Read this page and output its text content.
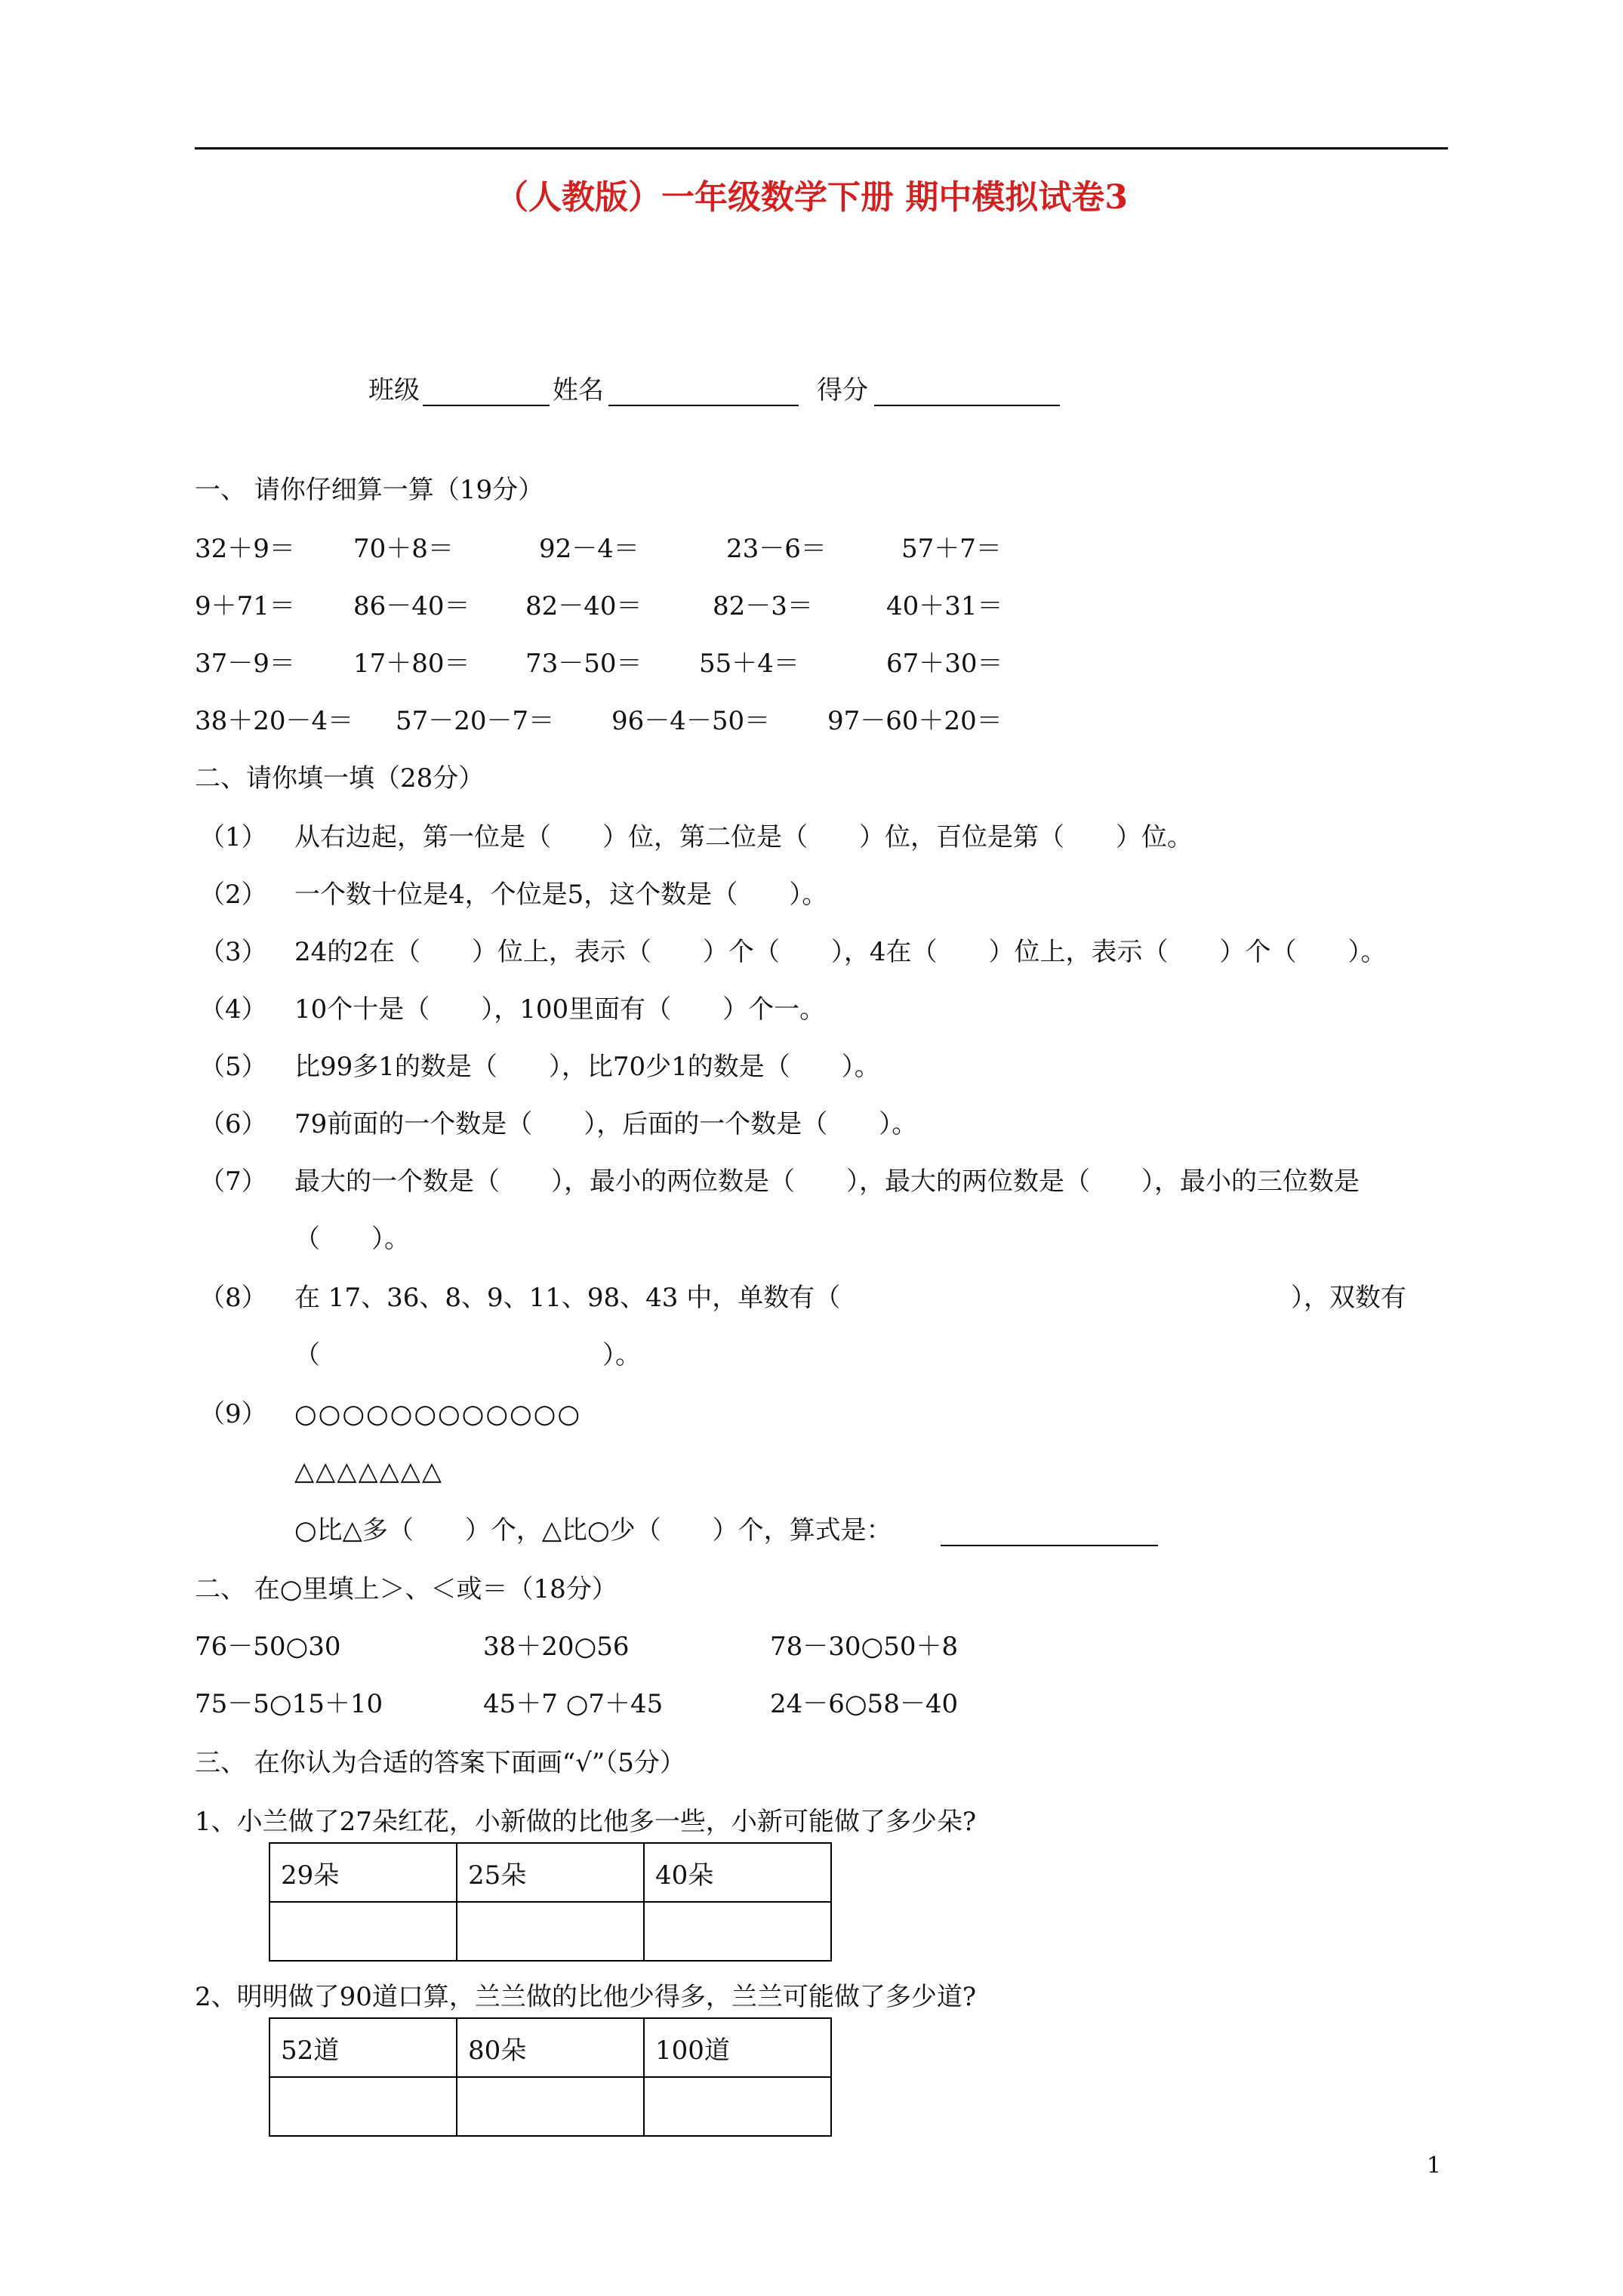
（人教版）一年级数学下册 期中模拟试卷3
班级	姓名	得分
一、 请你仔细算一算（19分）
32＋9＝ 70＋8＝	92－4＝	23－6＝	57＋7＝
9＋71＝ 86－40＝ 82－40＝	82－3＝	40＋31＝
37－9＝ 17＋80＝ 73－50＝ 55＋4＝	67＋30＝
38＋20－4＝ 57－20－7＝ 96－4－50＝ 97－60＋20＝
二、请你填一填（28分）
（1） 从右边起，第一位是（　　）位，第二位是（　　）位，百位是第（　　）位。
（2） 一个数十位是4，个位是5，这个数是（　　）。
（3） 24的2在（　　）位上，表示（　　）个（　　），4在（　　）位上，表示（　　）个（　　）。
（4） 10个十是（　　），100里面有（　　）个一。
（5） 比99多1的数是（　　），比70少1的数是（　　）。
（6） 79前面的一个数是（　　），后面的一个数是（　　）。
（7） 最大的一个数是（　　），最小的两位数是（　　），最大的两位数是（　　），最小的三位数是
（　　）。
（8） 在 17、36、8、9、11、98、43 中，单数有（	），双数有
（　　　　　　　　　　　）。
（9） ○○○○○○○○○○○○
△△△△△△△
○比△多（　　）个，△比○少（　　）个，算式是：
二、 在○里填上＞、＜或＝（18分）
76－50○30	38＋20○56	78－30○50＋8
75－5○15＋10	45＋7 ○7＋45	24－6○58－40
三、 在你认为合适的答案下面画“√”（5分）
1、小兰做了27朵红花，小新做的比他多一些，小新可能做了多少朵?
29朵	25朵	40朵

2、明明做了90道口算，兰兰做的比他少得多，兰兰可能做了多少道?
52道	80朵	100道

1
